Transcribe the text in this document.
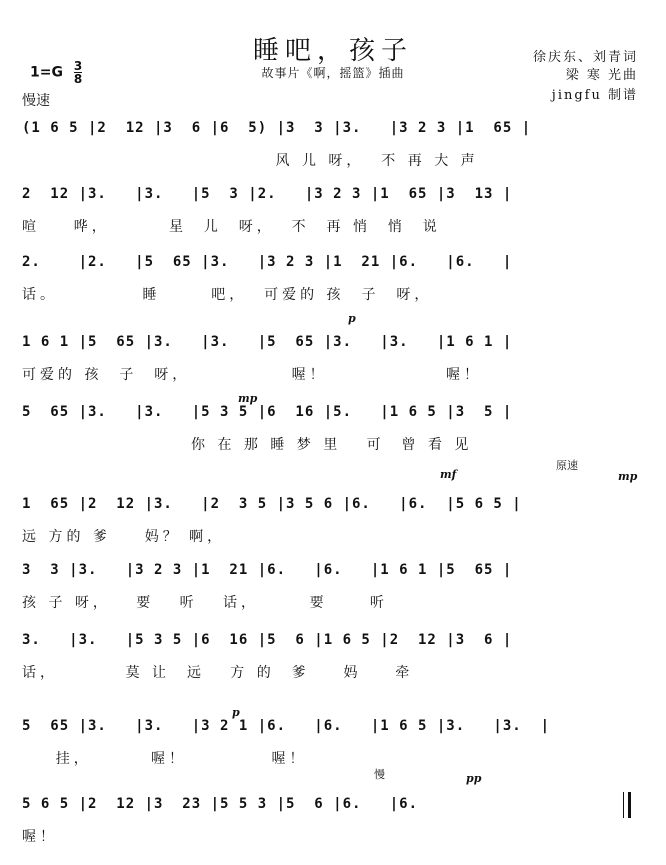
睡吧，孩子
故事片《啊，摇篮》插曲
徐庆东、刘青词
梁 寒 光曲
jingfu 制谱
$1=G \frac{3}{8}$
慢速
p
mp
mf
原速
mp
p
慢	pp
(1 6 5 |2  12 |3  6 |6  5) |3  3 |3.   |3 2 3 |1  65 |
风 儿 呀，  不 再 大 声
2  12 |3.   |3.   |5  3 |2.   |3 2 3 |1  65 |3  13 |
喧    哗，       星  儿  呀，  不  再 悄  悄  说
2.    |2.   |5  65 |3.   |3 2 3 |1  21 |6.   |6.   |
话。          睡      吧，  可爱的 孩  子  呀，
1 6 1 |5  65 |3.   |3.   |5  65 |3.   |3.   |1 6 1 |
可爱的 孩  子  呀，            喔！              喔！
5  65 |3.   |3.   |5 3 5 |6  16 |5.   |1 6 5 |3  5 |
你 在 那 睡 梦 里   可  曾 看 见
1  65 |2  12 |3.   |2  3 5 |3 5 6 |6.   |6.  |5 6 5 |
远 方的 爹    妈？ 啊，
3  3 |3.   |3 2 3 |1  21 |6.   |6.   |1 6 1 |5  65 |
孩 子 呀，   要   听   话，      要     听
3.   |3.   |5 3 5 |6  16 |5  6 |1 6 5 |2  12 |3  6 |
话，        莫 让  远   方 的  爹    妈    牵
5  65 |3.   |3.   |3 2 1 |6.   |6.   |1 6 5 |3.   |3.  |
挂，       喔！          喔！
5 6 5 |2  12 |3  23 |5 5 3 |5  6 |6.   |6.
喔！
